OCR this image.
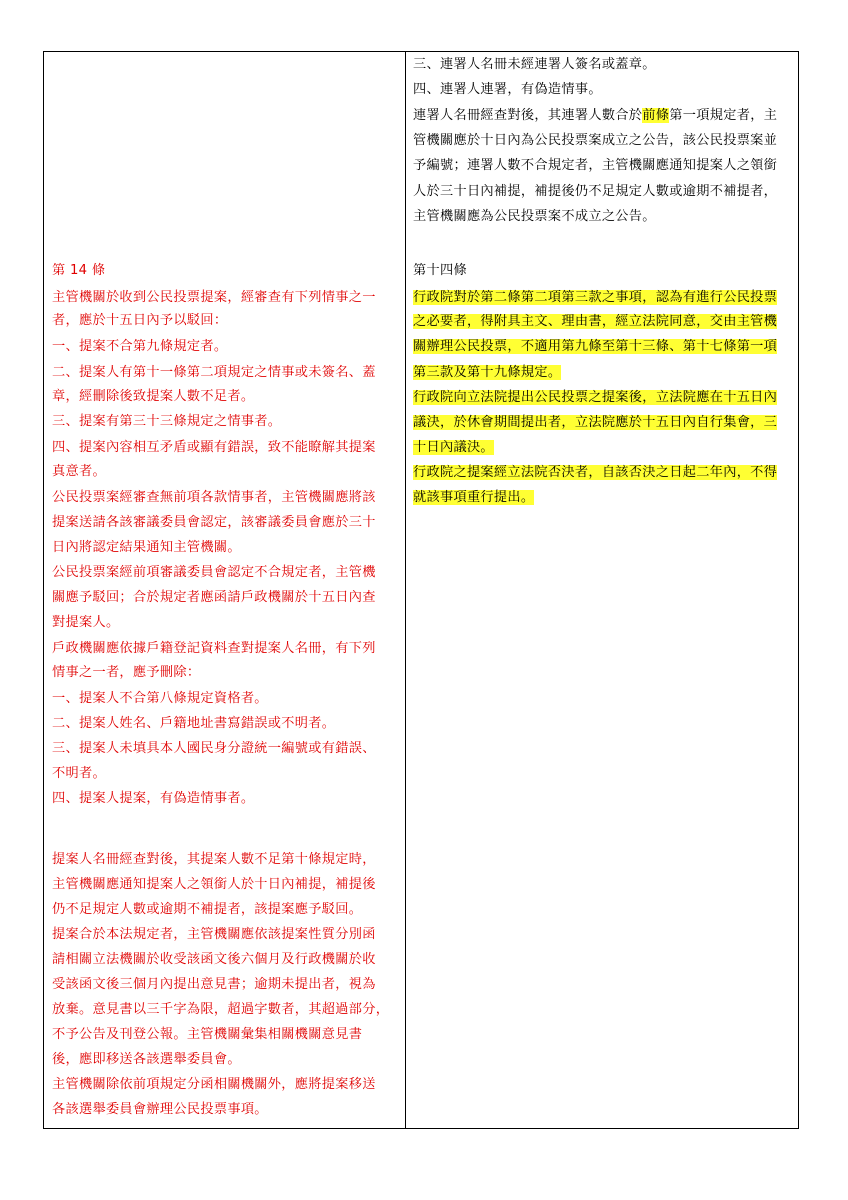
第 14 條
主管機關於收到公民投票提案，經審查有下列情事之一
者，應於十五日內予以駁回：
一、提案不合第九條規定者。
二、提案人有第十一條第二項規定之情事或未簽名、蓋
章，經刪除後致提案人數不足者。
三、提案有第三十三條規定之情事者。
四、提案內容相互矛盾或顯有錯誤，致不能瞭解其提案
真意者。
公民投票案經審查無前項各款情事者，主管機關應將該
提案送請各該審議委員會認定，該審議委員會應於三十
日內將認定結果通知主管機關。
公民投票案經前項審議委員會認定不合規定者，主管機
關應予駁回；合於規定者應函請戶政機關於十五日內查
對提案人。
戶政機關應依據戶籍登記資料查對提案人名冊，有下列
情事之一者，應予刪除：
一、提案人不合第八條規定資格者。
二、提案人姓名、戶籍地址書寫錯誤或不明者。
三、提案人未填具本人國民身分證統一編號或有錯誤、
不明者。
四、提案人提案，有偽造情事者。
提案人名冊經查對後，其提案人數不足第十條規定時，
主管機關應通知提案人之領銜人於十日內補提，補提後
仍不足規定人數或逾期不補提者，該提案應予駁回。
提案合於本法規定者，主管機關應依該提案性質分別函
請相關立法機關於收受該函文後六個月及行政機關於收
受該函文後三個月內提出意見書；逾期未提出者，視為
放棄。意見書以三千字為限，超過字數者，其超過部分，
不予公告及刊登公報。主管機關彙集相關機關意見書
後，應即移送各該選舉委員會。
主管機關除依前項規定分函相關機關外，應將提案移送
各該選舉委員會辦理公民投票事項。
三、連署人名冊未經連署人簽名或蓋章。
四、連署人連署，有偽造情事。
連署人名冊經查對後，其連署人數合於前條第一項規定者，主
管機關應於十日內為公民投票案成立之公告，該公民投票案並
予編號；連署人數不合規定者，主管機關應通知提案人之領銜
人於三十日內補提，補提後仍不足規定人數或逾期不補提者，
主管機關應為公民投票案不成立之公告。
第十四條
行政院對於第二條第二項第三款之事項，認為有進行公民投票
之必要者，得附具主文、理由書，經立法院同意，交由主管機
關辦理公民投票，不適用第九條至第十三條、第十七條第一項
第三款及第十九條規定。
行政院向立法院提出公民投票之提案後，立法院應在十五日內
議決，於休會期間提出者，立法院應於十五日內自行集會，三
十日內議決。
行政院之提案經立法院否決者，自該否決之日起二年內，不得
就該事項重行提出。
